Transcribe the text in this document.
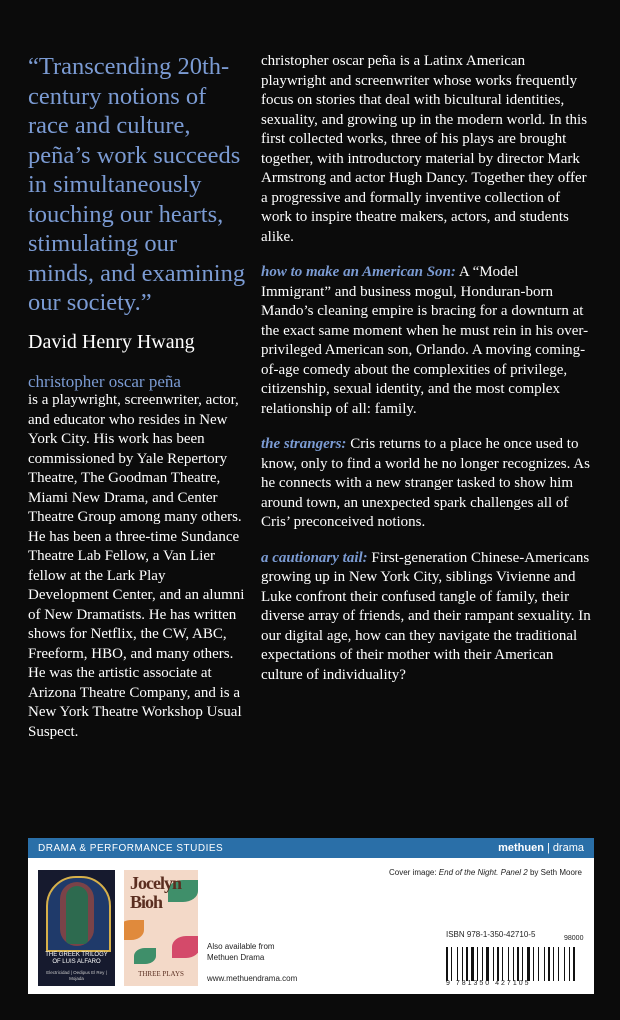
“Transcending 20th-century notions of race and culture, peña’s work succeeds in simultaneously touching our hearts, stimulating our minds, and examining our society.”

David Henry Hwang
christopher oscar peña
is a playwright, screenwriter, actor, and educator who resides in New York City. His work has been commissioned by Yale Repertory Theatre, The Goodman Theatre, Miami New Drama, and Center Theatre Group among many others. He has been a three-time Sundance Theatre Lab Fellow, a Van Lier fellow at the Lark Play Development Center, and an alumni of New Dramatists. He has written shows for Netflix, the CW, ABC, Freeform, HBO, and many others. He was the artistic associate at Arizona Theatre Company, and is a New York Theatre Workshop Usual Suspect.

christopher oscar peña is a Latinx American playwright and screenwriter whose works frequently focus on stories that deal with bicultural identities, sexuality, and growing up in the modern world. In this first collected works, three of his plays are brought together, with introductory material by director Mark Armstrong and actor Hugh Dancy. Together they offer a progressive and formally inventive collection of work to inspire theatre makers, actors, and students alike.

how to make an American Son: A “Model Immigrant” and business mogul, Honduran-born Mando’s cleaning empire is bracing for a downturn at the exact same moment when he must rein in his over-privileged American son, Orlando. A moving coming-of-age comedy about the complexities of privilege, citizenship, sexual identity, and the most complex relationship of all: family.

the strangers: Cris returns to a place he once used to know, only to find a world he no longer recognizes. As he connects with a new stranger tasked to show him around town, an unexpected spark challenges all of Cris’ preconceived notions.

a cautionary tail: First-generation Chinese-Americans growing up in New York City, siblings Vivienne and Luke confront their confused tangle of family, their diverse array of friends, and their rampant sexuality. In our digital age, how can they navigate the traditional expectations of their mother with their American culture of individuality?

DRAMA & PERFORMANCE STUDIES	methuen | drama
THE GREEK TRILOGY OF LUIS ALFARO
Electricidad | Oedipus El Rey | Mojada
Jocelyn Bioh
THREE PLAYS
Also available from
Methuen Drama
www.methuendrama.com
Cover image: End of the Night. Panel 2 by Seth Moore
ISBN 978-1-350-42710-5	98000
9 781350 427105
